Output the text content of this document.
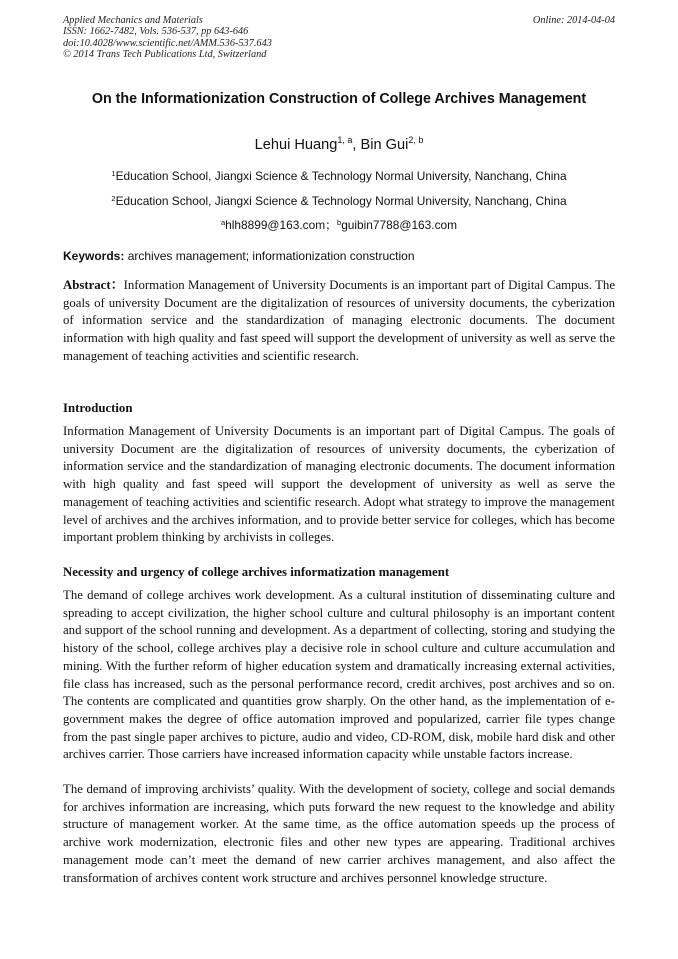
Applied Mechanics and Materials
ISSN: 1662-7482, Vols. 536-537, pp 643-646
doi:10.4028/www.scientific.net/AMM.536-537.643
© 2014 Trans Tech Publications Ltd, Switzerland
Online: 2014-04-04
On the Informationization Construction of College Archives Management
Lehui Huang$^{1, a}$, Bin Gui$^{2, b}$
$^1$Education School, Jiangxi Science & Technology Normal University, Nanchang, China
$^2$Education School, Jiangxi Science & Technology Normal University, Nanchang, China
$^a$hlh8899@163.com；$^b$guibin7788@163.com
Keywords: archives management; informationization construction
Abstract：Information Management of University Documents is an important part of Digital Campus. The goals of university Document are the digitalization of resources of university documents, the cyberization of information service and the standardization of managing electronic documents. The document information with high quality and fast speed will support the development of university as well as serve the management of teaching activities and scientific research.
Introduction
Information Management of University Documents is an important part of Digital Campus. The goals of university Document are the digitalization of resources of university documents, the cyberization of information service and the standardization of managing electronic documents. The document information with high quality and fast speed will support the development of university as well as serve the management of teaching activities and scientific research. Adopt what strategy to improve the management level of archives and the archives information, and to provide better service for colleges, which has become important problem thinking by archivists in colleges.
Necessity and urgency of college archives informatization management
The demand of college archives work development. As a cultural institution of disseminating culture and spreading to accept civilization, the higher school culture and cultural philosophy is an important content and support of the school running and development. As a department of collecting, storing and studying the history of the school, college archives play a decisive role in school culture and culture accumulation and mining. With the further reform of higher education system and dramatically increasing external activities, file class has increased, such as the personal performance record, credit archives, post archives and so on. The contents are complicated and quantities grow sharply. On the other hand, as the implementation of e-government makes the degree of office automation improved and popularized, carrier file types change from the past single paper archives to picture, audio and video, CD-ROM, disk, mobile hard disk and other archives carrier. Those carriers have increased information capacity while unstable factors increase.
The demand of improving archivists’ quality. With the development of society, college and social demands for archives information are increasing, which puts forward the new request to the knowledge and ability structure of management worker. At the same time, as the office automation speeds up the process of archive work modernization, electronic files and other new types are appearing. Traditional archives management mode can’t meet the demand of new carrier archives management, and also affect the transformation of archives content work structure and archives personnel knowledge structure.
